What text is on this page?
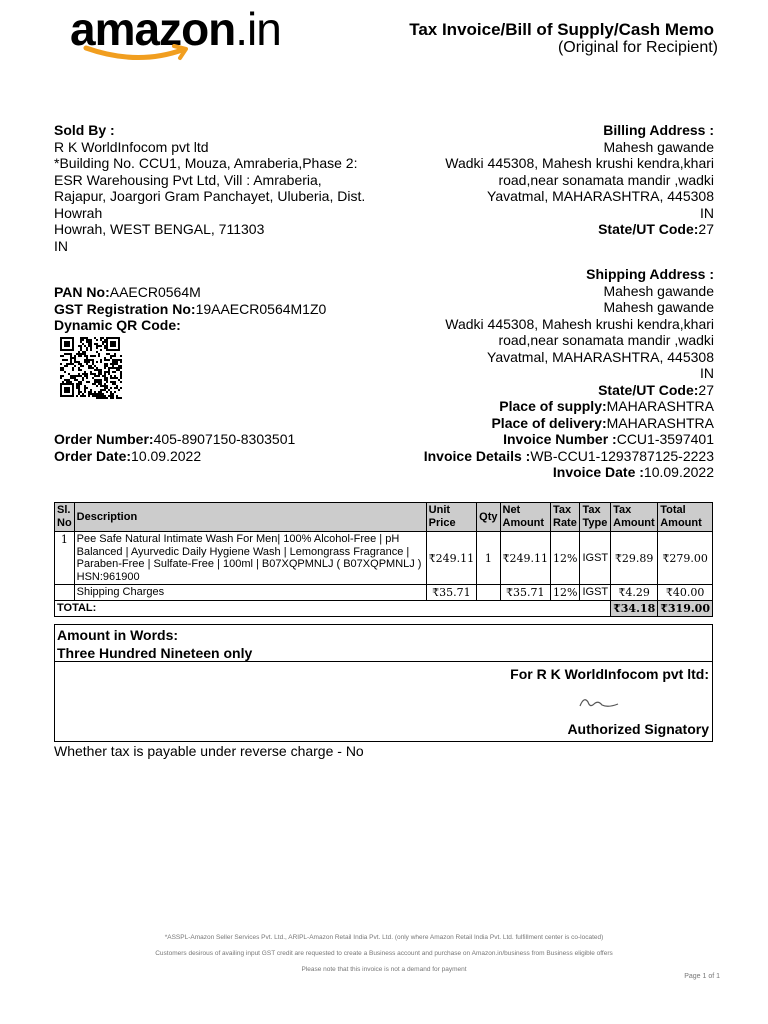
amazon.in	Tax Invoice/Bill of Supply/Cash Memo
(Original for Recipient)
Sold By :
R K WorldInfocom pvt ltd
*Building No. CCU1, Mouza, Amraberia,Phase 2:
ESR Warehousing Pvt Ltd, Vill : Amraberia,
Rajapur, Joargori Gram Panchayet, Uluberia, Dist.
Howrah
Howrah, WEST BENGAL, 711303
IN
PAN No:AAECR0564M
GST Registration No:19AAECR0564M1Z0
Dynamic QR Code:
Billing Address :
Mahesh gawande
Wadki 445308, Mahesh krushi kendra,khari
road,near sonamata mandir ,wadki
Yavatmal, MAHARASHTRA, 445308
IN
State/UT Code:27
Shipping Address :
Mahesh gawande
Mahesh gawande
Wadki 445308, Mahesh krushi kendra,khari
road,near sonamata mandir ,wadki
Yavatmal, MAHARASHTRA, 445308
IN
State/UT Code:27
Place of supply:MAHARASHTRA
Place of delivery:MAHARASHTRA
Order Number:405-8907150-8303501
Order Date:10.09.2022
Invoice Number :CCU1-3597401
Invoice Details :WB-CCU1-1293787125-2223
Invoice Date :10.09.2022
Sl. No	Description	Unit Price	Qty	Net Amount	Tax Rate	Tax Type	Tax Amount	Total Amount
1	Pee Safe Natural Intimate Wash For Men| 100% Alcohol-Free | pH Balanced | Ayurvedic Daily Hygiene Wash | Lemongrass Fragrance | Paraben-Free | Sulfate-Free | 100ml | B07XQPMNLJ ( B07XQPMNLJ )
HSN:961900	₹249.11	1	₹249.11	12%	IGST	₹29.89	₹279.00
	Shipping Charges	₹35.71		₹35.71	12%	IGST	₹4.29	₹40.00
TOTAL:							₹34.18	₹319.00
Amount in Words:
Three Hundred Nineteen only
For R K WorldInfocom pvt ltd:
Authorized Signatory
Whether tax is payable under reverse charge - No
*ASSPL-Amazon Seller Services Pvt. Ltd., ARIPL-Amazon Retail India Pvt. Ltd. (only where Amazon Retail India Pvt. Ltd. fulfillment center is co-located)
Customers desirous of availing input GST credit are requested to create a Business account and purchase on Amazon.in/business from Business eligible offers
Please note that this invoice is not a demand for payment
Page 1 of 1
